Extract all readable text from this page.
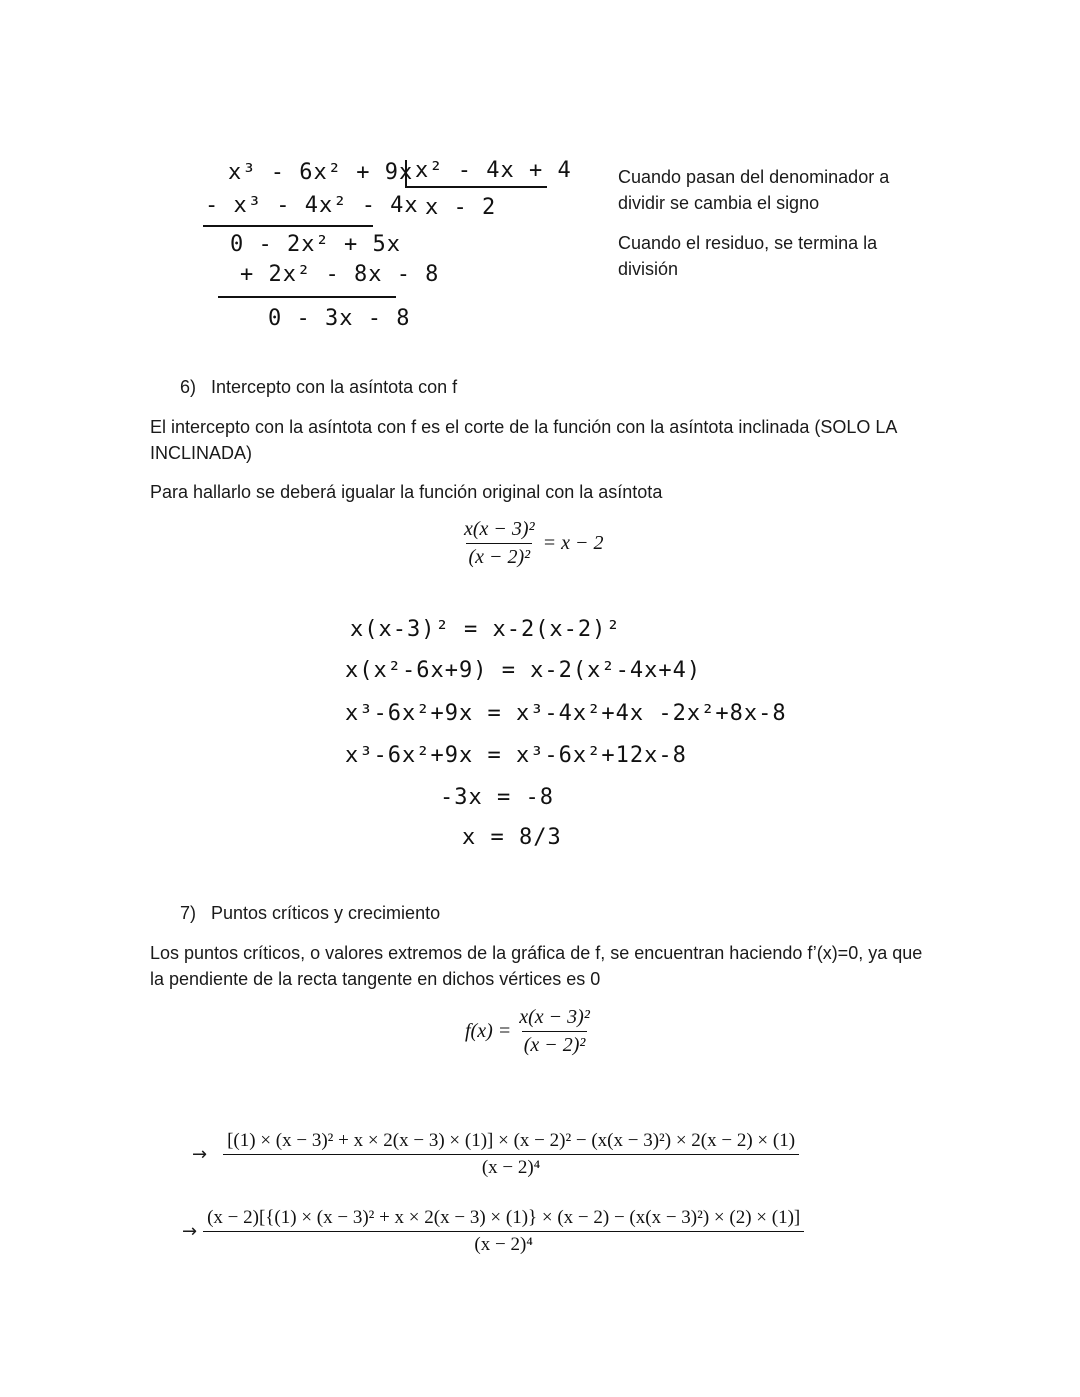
x³ - 6x² + 9x
- x³ - 4x² - 4x
0 - 2x² + 5x
+ 2x² - 8x - 8
0 - 3x - 8
x² - 4x + 4
x - 2
Cuando pasan del denominador a dividir se cambia el signo
Cuando el residuo, se termina la división
6)   Intercepto con la asíntota con f
El intercepto con la asíntota con f es el corte de la función con la asíntota inclinada (SOLO LA INCLINADA)
Para hallarlo se deberá igualar la función original con la asíntota
$\frac{\text{x(x − 3)²}}{\text{(x − 2)²}} = x - 2$
x(x-3)² = x-2(x-2)²
x(x²-6x+9) = x-2(x²-4x+4)
x³-6x²+9x = x³-4x²+4x -2x²+8x-8
x³-6x²+9x = x³-6x²+12x-8
-3x = -8
x = 8/3
7)   Puntos críticos y crecimiento
Los puntos críticos, o valores extremos de la gráfica de f, se encuentran haciendo f’(x)=0, ya que la pendiente de la recta tangente en dichos vértices es 0
$f(x) = \frac{\text{x(x − 3)²}}{\text{(x − 2)²}}$
→
[(1) × (x − 3)² + x × 2(x − 3) × (1)] × (x − 2)² − (x(x − 3)²) × 2(x − 2) × (1)
(x − 2)⁴
→
(x − 2)[{(1) × (x − 3)² + x × 2(x − 3) × (1)} × (x − 2) − (x(x − 3)²) × (2) × (1)]
(x − 2)⁴
